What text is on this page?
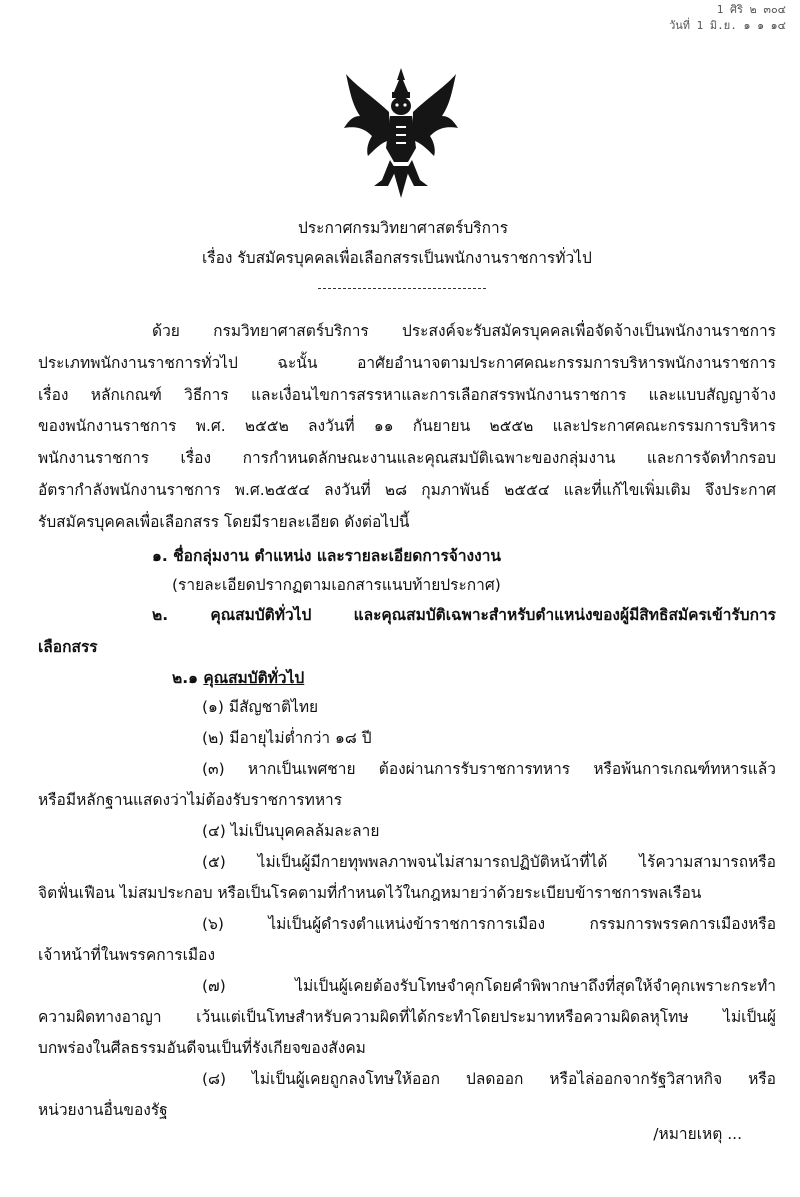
1 ศิริ ๒ ๓๐๔
วันที่ 1 มิ.ย. ๑ ๑ ๑๔
ประกาศกรมวิทยาศาสตร์บริการ
เรื่อง รับสมัครบุคคลเพื่อเลือกสรรเป็นพนักงานราชการทั่วไป
ด้วย กรมวิทยาศาสตร์บริการ ประสงค์จะรับสมัครบุคคลเพื่อจัดจ้างเป็นพนักงานราชการ
ประเภทพนักงานราชการทั่วไป ฉะนั้น อาศัยอำนาจตามประกาศคณะกรรมการบริหารพนักงานราชการ
เรื่อง หลักเกณฑ์ วิธีการ และเงื่อนไขการสรรหาและการเลือกสรรพนักงานราชการ และแบบสัญญาจ้าง
ของพนักงานราชการ พ.ศ. ๒๕๕๒ ลงวันที่ ๑๑ กันยายน ๒๕๕๒ และประกาศคณะกรรมการบริหาร
พนักงานราชการ เรื่อง การกำหนดลักษณะงานและคุณสมบัติเฉพาะของกลุ่มงาน และการจัดทำกรอบ
อัตรากำลังพนักงานราชการ พ.ศ.๒๕๕๔ ลงวันที่ ๒๘ กุมภาพันธ์ ๒๕๕๔ และที่แก้ไขเพิ่มเติม จึงประกาศ
รับสมัครบุคคลเพื่อเลือกสรร โดยมีรายละเอียด ดังต่อไปนี้
๑. ชื่อกลุ่มงาน ตำแหน่ง และรายละเอียดการจ้างงาน
(รายละเอียดปรากฏตามเอกสารแนบท้ายประกาศ)
๒. คุณสมบัติทั่วไป และคุณสมบัติเฉพาะสำหรับตำแหน่งของผู้มีสิทธิสมัครเข้ารับการ
เลือกสรร
๒.๑ คุณสมบัติทั่วไป
(๑) มีสัญชาติไทย
(๒) มีอายุไม่ต่ำกว่า ๑๘ ปี
(๓) หากเป็นเพศชาย ต้องผ่านการรับราชการทหาร หรือพ้นการเกณฑ์ทหารแล้ว
หรือมีหลักฐานแสดงว่าไม่ต้องรับราชการทหาร
(๔) ไม่เป็นบุคคลล้มละลาย
(๕) ไม่เป็นผู้มีกายทุพพลภาพจนไม่สามารถปฏิบัติหน้าที่ได้ ไร้ความสามารถหรือ
จิตฟั่นเฟือน ไม่สมประกอบ หรือเป็นโรคตามที่กำหนดไว้ในกฎหมายว่าด้วยระเบียบข้าราชการพลเรือน
(๖) ไม่เป็นผู้ดำรงตำแหน่งข้าราชการการเมือง กรรมการพรรคการเมืองหรือ
เจ้าหน้าที่ในพรรคการเมือง
(๗) ไม่เป็นผู้เคยต้องรับโทษจำคุกโดยคำพิพากษาถึงที่สุดให้จำคุกเพราะกระทำ
ความผิดทางอาญา เว้นแต่เป็นโทษสำหรับความผิดที่ได้กระทำโดยประมาทหรือความผิดลหุโทษ ไม่เป็นผู้
บกพร่องในศีลธรรมอันดีจนเป็นที่รังเกียจของสังคม
(๘) ไม่เป็นผู้เคยถูกลงโทษให้ออก ปลดออก หรือไล่ออกจากรัฐวิสาหกิจ หรือ
หน่วยงานอื่นของรัฐ
/หมายเหตุ ...
